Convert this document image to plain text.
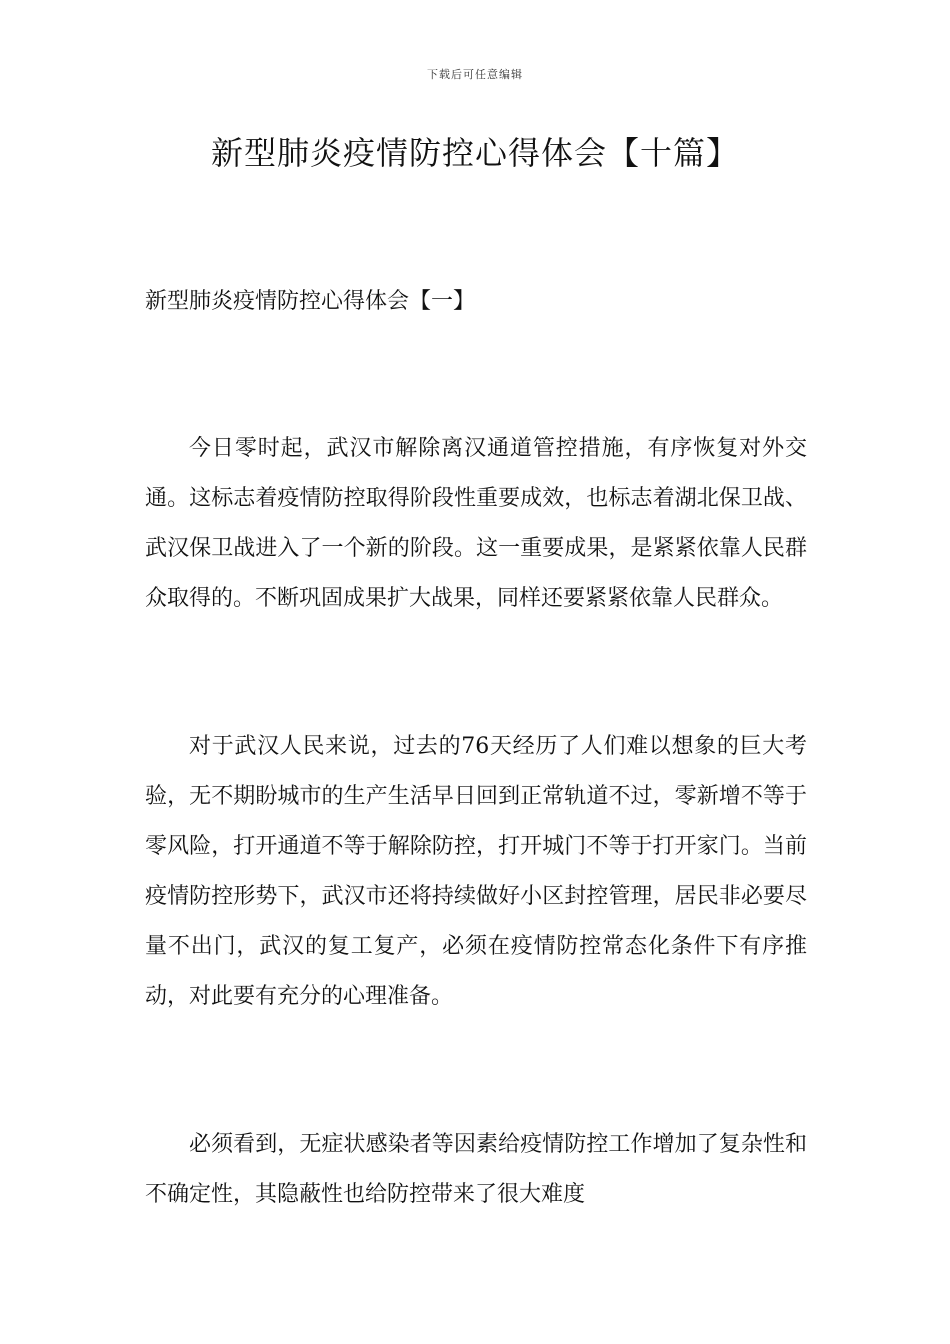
下载后可任意编辑
新型肺炎疫情防控心得体会【十篇】
新型肺炎疫情防控心得体会【一】

今日零时起，武汉市解除离汉通道管控措施，有序恢复对外交通。这标志着疫情防控取得阶段性重要成效，也标志着湖北保卫战、武汉保卫战进入了一个新的阶段。这一重要成果，是紧紧依靠人民群众取得的。不断巩固成果扩大战果，同样还要紧紧依靠人民群众。

对于武汉人民来说，过去的76天经历了人们难以想象的巨大考验，无不期盼城市的生产生活早日回到正常轨道不过，零新增不等于零风险，打开通道不等于解除防控，打开城门不等于打开家门。当前疫情防控形势下，武汉市还将持续做好小区封控管理，居民非必要尽量不出门，武汉的复工复产，必须在疫情防控常态化条件下有序推动，对此要有充分的心理准备。

必须看到，无症状感染者等因素给疫情防控工作增加了复杂性和不确定性，其隐蔽性也给防控带来了很大难度
